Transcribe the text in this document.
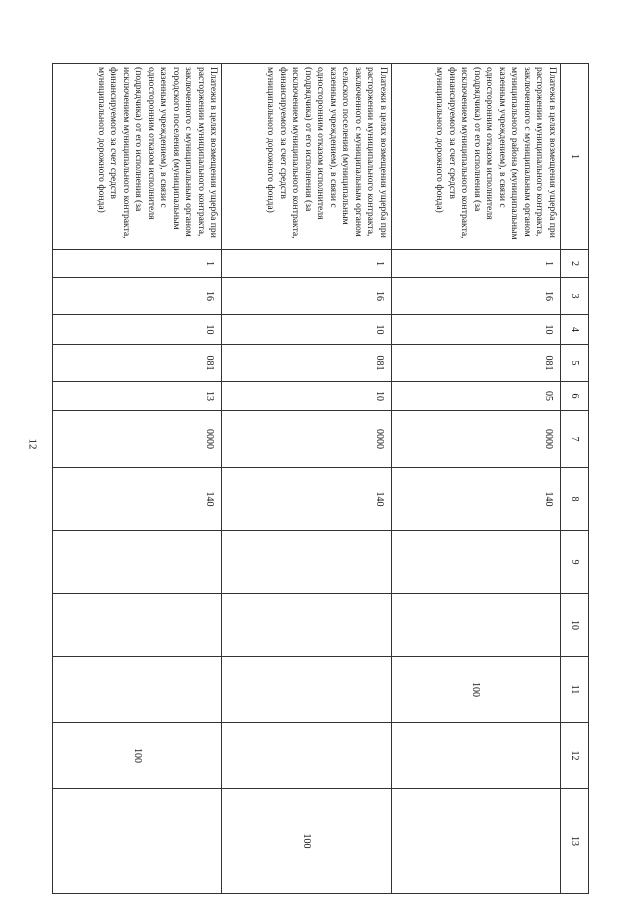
12
1	2	3	4	5	6	7	8	9	10	11	12	13
Платежи в целях возмещения ущерба при расторжении муниципального контракта, заключенного с муниципальным органом муниципального района (муниципальным казенным учреждением), в связи с односторонним отказом исполнителя (подрядчика) от его исполнения (за исключением муниципального контракта, финансируемого за счет средств муниципального дорожного фонда)	1	16	10	081	05	0000	140			100		
Платежи в целях возмещения ущерба при расторжении муниципального контракта, заключенного с муниципальным органом сельского поселения (муниципальным казенным учреждением), в связи с односторонним отказом исполнителя (подрядчика) от его исполнения (за исключением муниципального контракта, финансируемого за счет средств муниципального дорожного фонда)	1	16	10	081	10	0000	140					100
Платежи в целях возмещения ущерба при расторжении муниципального контракта, заключенного с муниципальным органом городского поселения (муниципальным казенным учреждением), в связи с односторонним отказом исполнителя (подрядчика) от его исполнения (за исключением муниципального контракта, финансируемого за счет средств муниципального дорожного фонда)	1	16	10	081	13	0000	140				100	
